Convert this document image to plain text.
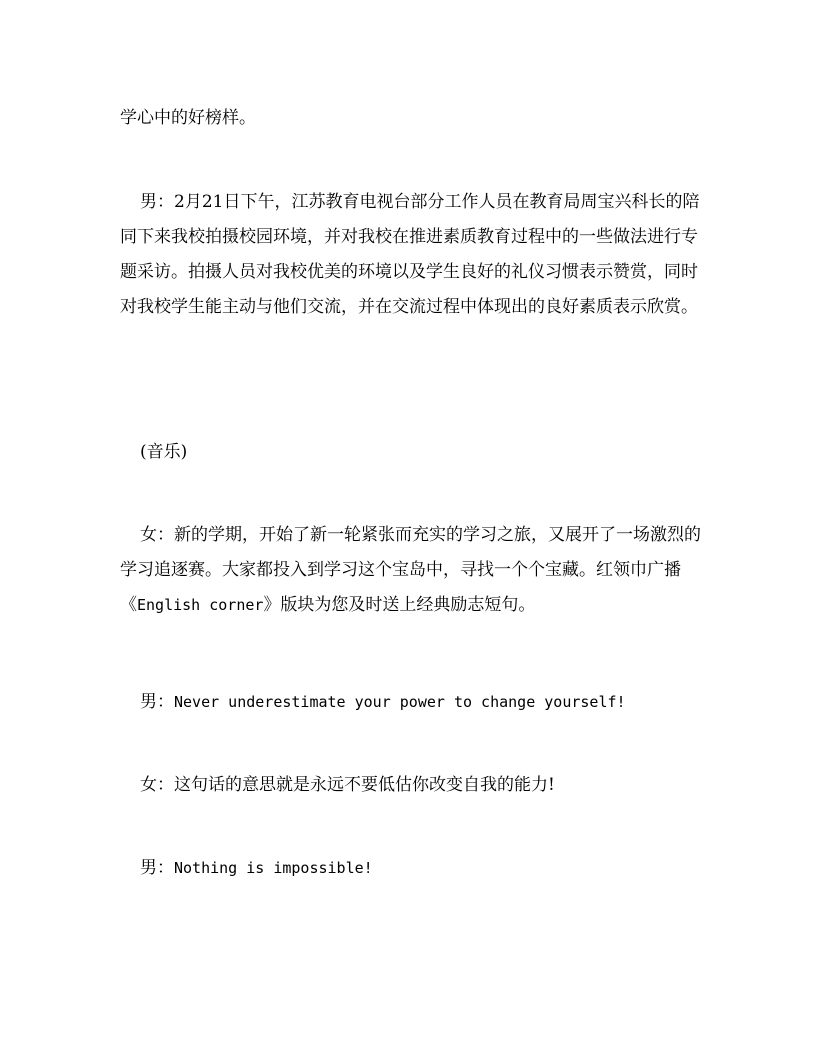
学心中的好榜样。

男：2月21日下午，江苏教育电视台部分工作人员在教育局周宝兴科长的陪同下来我校拍摄校园环境，并对我校在推进素质教育过程中的一些做法进行专题采访。拍摄人员对我校优美的环境以及学生良好的礼仪习惯表示赞赏，同时对我校学生能主动与他们交流，并在交流过程中体现出的良好素质表示欣赏。

(音乐)

女：新的学期，开始了新一轮紧张而充实的学习之旅，又展开了一场激烈的学习追逐赛。大家都投入到学习这个宝岛中，寻找一个个宝藏。红领巾广播《English corner》版块为您及时送上经典励志短句。

男：Never underestimate your power to change yourself!

女：这句话的意思就是永远不要低估你改变自我的能力!

男：Nothing is impossible!
